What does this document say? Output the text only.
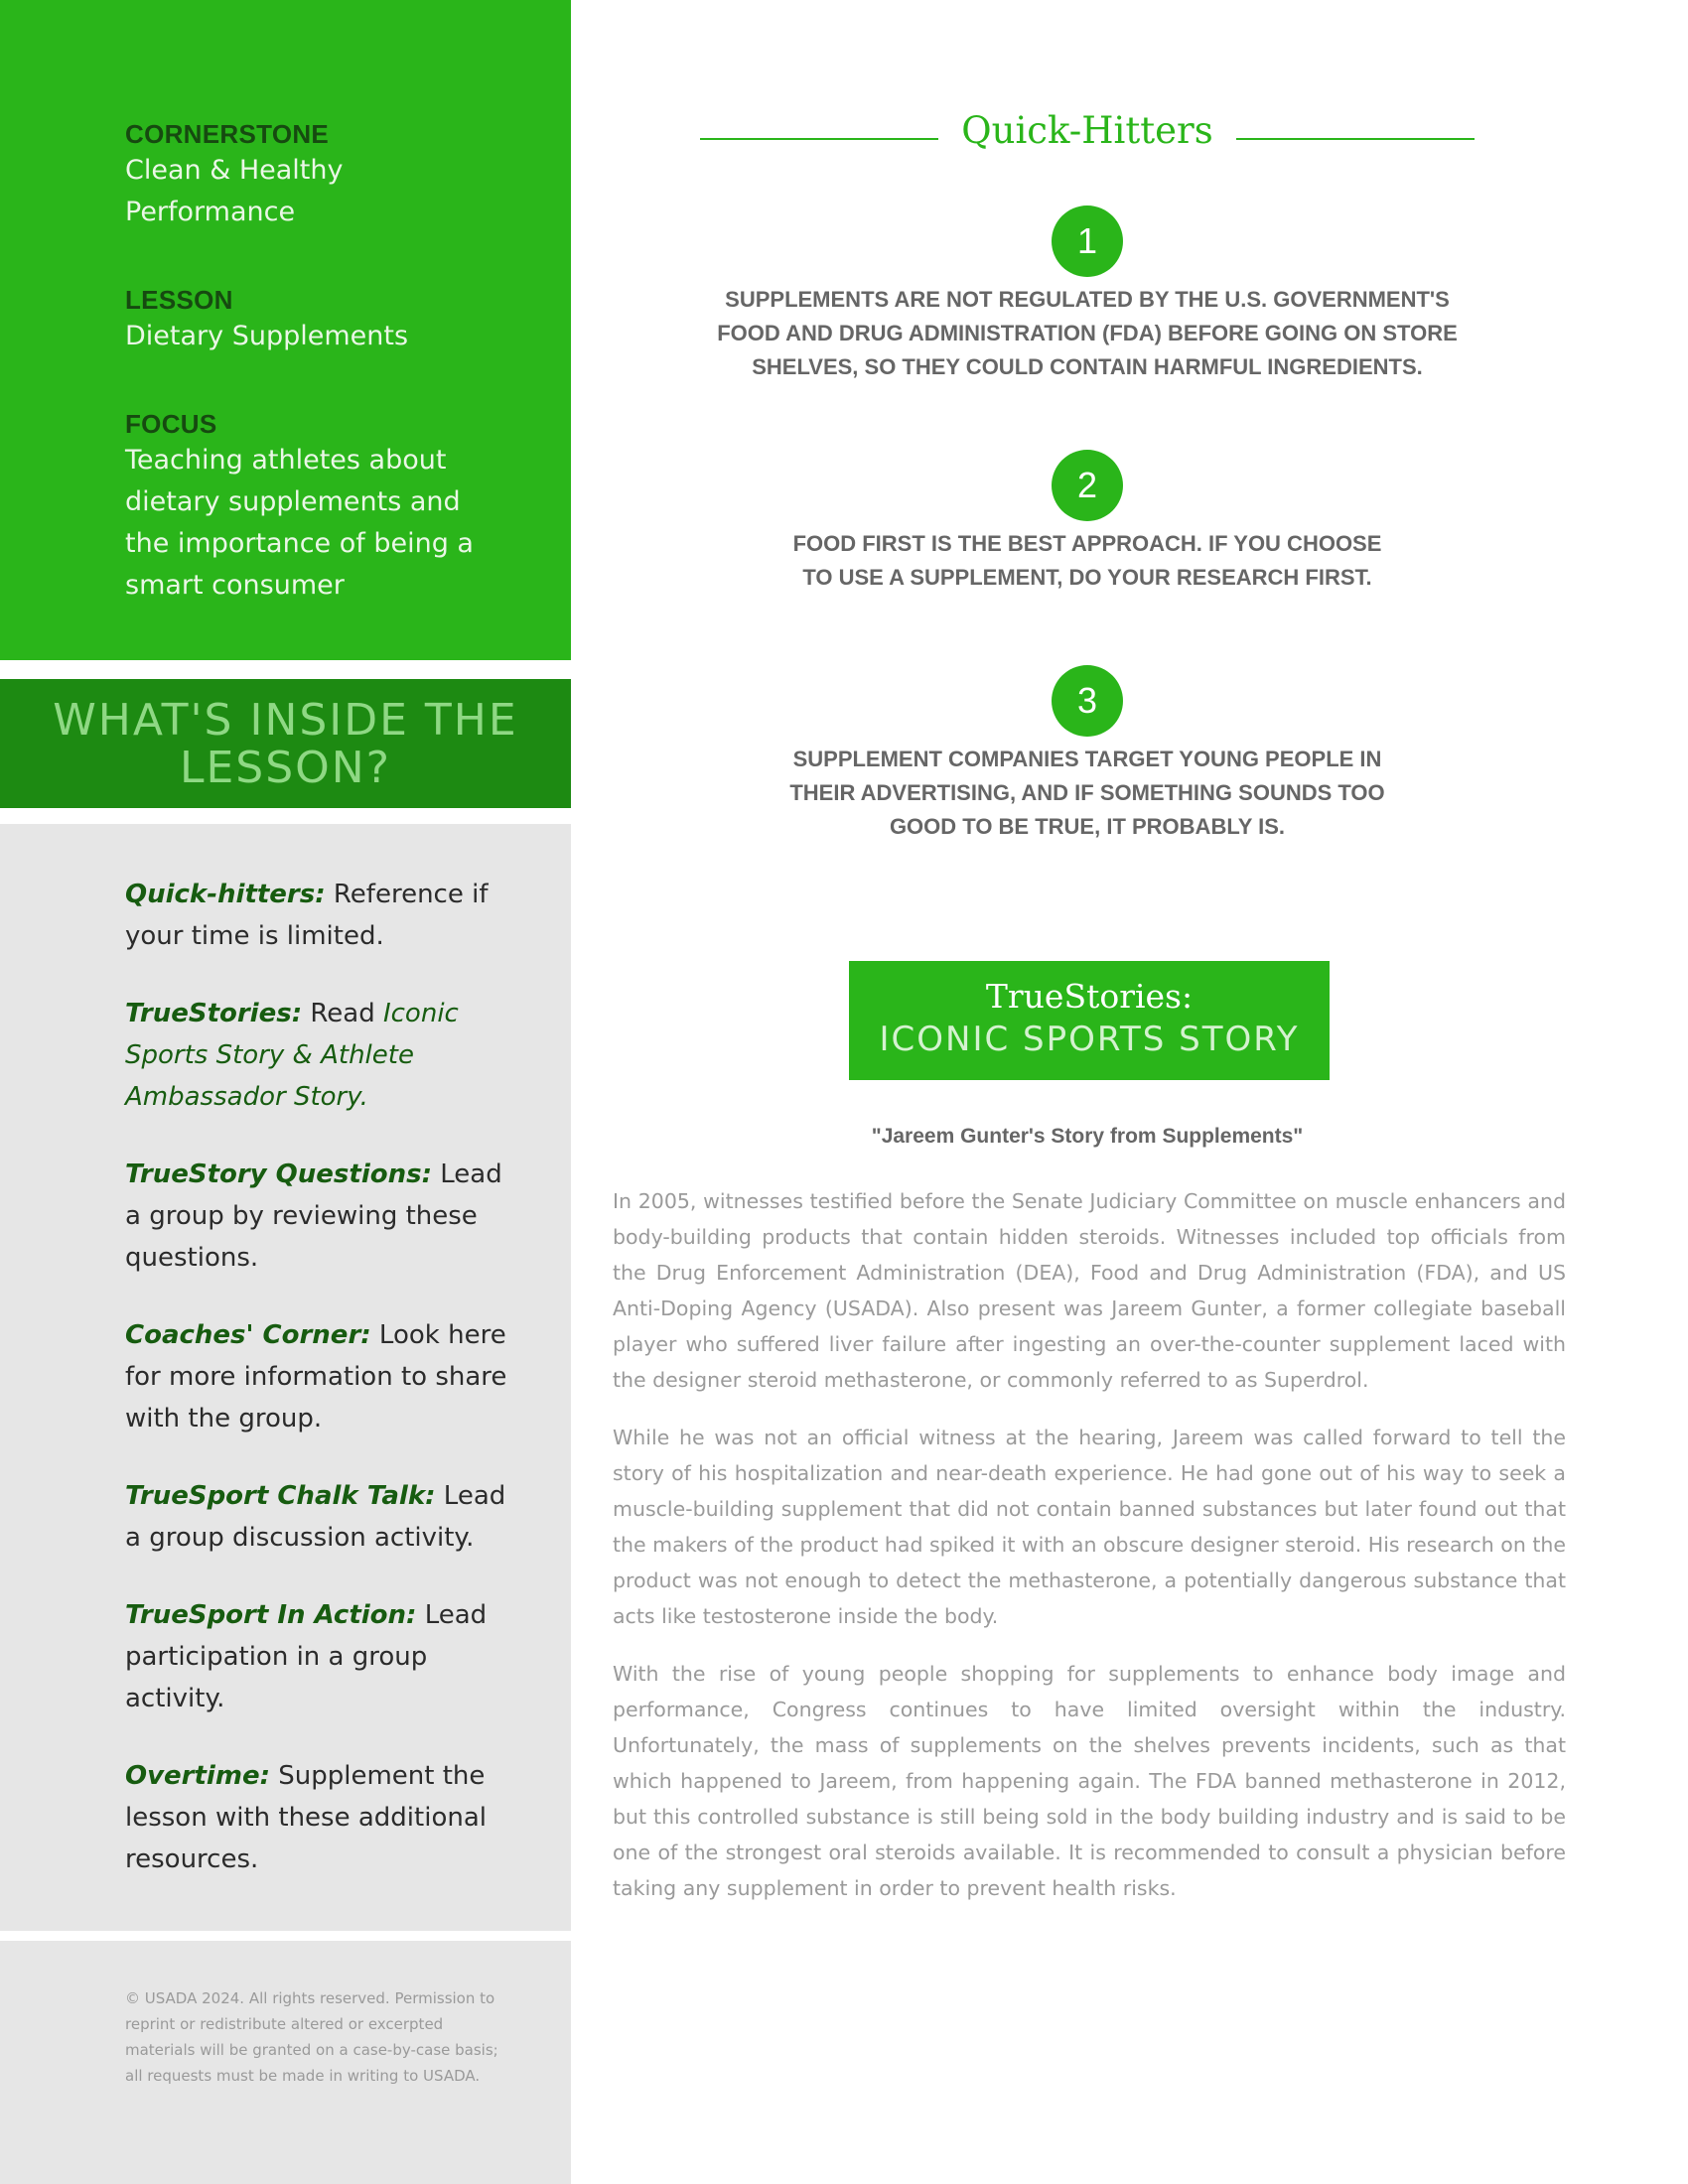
CORNERSTONE
Clean & Healthy Performance
LESSON
Dietary Supplements
FOCUS
Teaching athletes about dietary supplements and the importance of being a smart consumer
WHAT'S INSIDE THE LESSON?

Quick-hitters: Reference if your time is limited.

TrueStories: Read Iconic Sports Story & Athlete Ambassador Story.

TrueStory Questions: Lead a group by reviewing these questions.

Coaches' Corner: Look here for more information to share with the group.

TrueSport Chalk Talk: Lead a group discussion activity.

TrueSport In Action: Lead participation in a group activity.

Overtime: Supplement the lesson with these additional resources.

© USADA 2024. All rights reserved. Permission to reprint or redistribute altered or excerpted materials will be granted on a case-by-case basis; all requests must be made in writing to USADA.
Quick-Hitters
1
SUPPLEMENTS ARE NOT REGULATED BY THE U.S. GOVERNMENT'S FOOD AND DRUG ADMINISTRATION (FDA) BEFORE GOING ON STORE SHELVES, SO THEY COULD CONTAIN HARMFUL INGREDIENTS.
2
FOOD FIRST IS THE BEST APPROACH. IF YOU CHOOSE TO USE A SUPPLEMENT, DO YOUR RESEARCH FIRST.
3
SUPPLEMENT COMPANIES TARGET YOUNG PEOPLE IN THEIR ADVERTISING, AND IF SOMETHING SOUNDS TOO GOOD TO BE TRUE, IT PROBABLY IS.
TrueStories:
ICONIC SPORTS STORY
"Jareem Gunter's Story from Supplements"

In 2005, witnesses testified before the Senate Judiciary Committee on muscle enhancers and body-building products that contain hidden steroids. Witnesses included top officials from the Drug Enforcement Administration (DEA), Food and Drug Administration (FDA), and US Anti-Doping Agency (USADA). Also present was Jareem Gunter, a former collegiate baseball player who suffered liver failure after ingesting an over-the-counter supplement laced with the designer steroid methasterone, or commonly referred to as Superdrol.

While he was not an official witness at the hearing, Jareem was called forward to tell the story of his hospitalization and near-death experience. He had gone out of his way to seek a muscle-building supplement that did not contain banned substances but later found out that the makers of the product had spiked it with an obscure designer steroid. His research on the product was not enough to detect the methasterone, a potentially dangerous substance that acts like testosterone inside the body.

With the rise of young people shopping for supplements to enhance body image and performance, Congress continues to have limited oversight within the industry. Unfortunately, the mass of supplements on the shelves prevents incidents, such as that which happened to Jareem, from happening again. The FDA banned methasterone in 2012, but this controlled substance is still being sold in the body building industry and is said to be one of the strongest oral steroids available. It is recommended to consult a physician before taking any supplement in order to prevent health risks.
